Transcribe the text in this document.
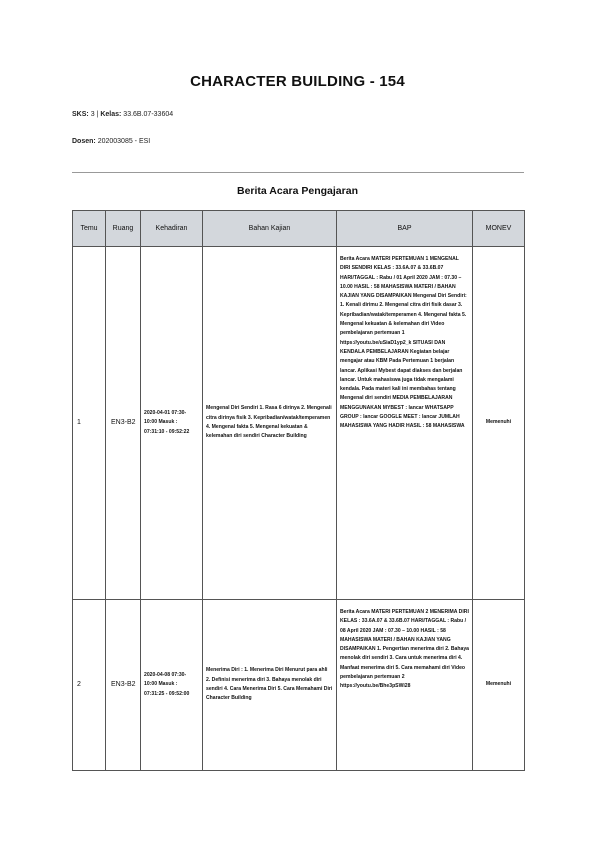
CHARACTER BUILDING - 154
SKS: 3 | Kelas: 33.6B.07-33604
Dosen: 202003085 - ESI
Berita Acara Pengajaran
Temu	Ruang	Kehadiran	Bahan Kajian	BAP	MONEV
1	EN3-B2	2020-04-01 07:30-10:00 Masuk : 07:31:10 - 09:52:22	Mengenal Diri Sendiri 1. Rasa 6 dirinya 2. Mengenali citra dirinya fisik 3. Kepribadian/watak/temperamen 4. Mengenal fakta 5. Mengenal kekuatan & kelemahan diri sendiri Character Building	Berita Acara MATERI PERTEMUAN 1 MENGENAL DIRI SENDIRI KELAS : 33.6A.07 & 33.6B.07 HARI/TAGGAL : Rabu / 01 April 2020 JAM : 07.30 – 10.00 HASIL : 58 MAHASISWA MATERI / BAHAN KAJIAN YANG DISAMPAIKAN Mengenal Diri Sendiri: 1. Kenali dirimu 2. Mengenal citra diri fisik dasar 3. Kepribadian/watak/temperamen 4. Mengenal fakta 5. Mengenal kekuatan & kelemahan diri Video pembelajaran pertemuan 1 https://youtu.be/uSiaD1yp2_k SITUASI DAN KENDALA PEMBELAJARAN Kegiatan belajar mengajar atau KBM Pada Pertemuan 1 berjalan lancar. Aplikasi Mybest dapat diakses dan berjalan lancar. Untuk mahasiswa juga tidak mengalami kendala. Pada materi kali ini membahas tentang Mengenal diri sendiri MEDIA PEMBELAJARAN MENGGUNAKAN MYBEST : lancar WHATSAPP GROUP : lancar GOOGLE MEET : lancar JUMLAH MAHASISWA YANG HADIR HASIL : 58 MAHASISWA	Memenuhi
2	EN3-B2	2020-04-08 07:30-10:00 Masuk : 07:31:25 - 09:52:00	Menerima Diri : 1. Menerima Diri Menurut para ahli 2. Definisi menerima diri 3. Bahaya menolak diri sendiri 4. Cara Menerima Diri 5. Cara Memahami Diri Character Building	Berita Acara MATERI PERTEMUAN 2 MENERIMA DIRI KELAS : 33.6A.07 & 33.6B.07 HARI/TAGGAL : Rabu / 08 April 2020 JAM : 07.30 – 10.00 HASIL : 58 MAHASISWA MATERI / BAHAN KAJIAN YANG DISAMPAIKAN 1. Pengertian menerima diri 2. Bahaya menolak diri sendiri 3. Cara untuk menerima diri 4. Manfaat menerima diri 5. Cara memahami diri Video pembelajaran pertemuan 2 https://youtu.be/Bhe3pSWi28	Memenuhi
